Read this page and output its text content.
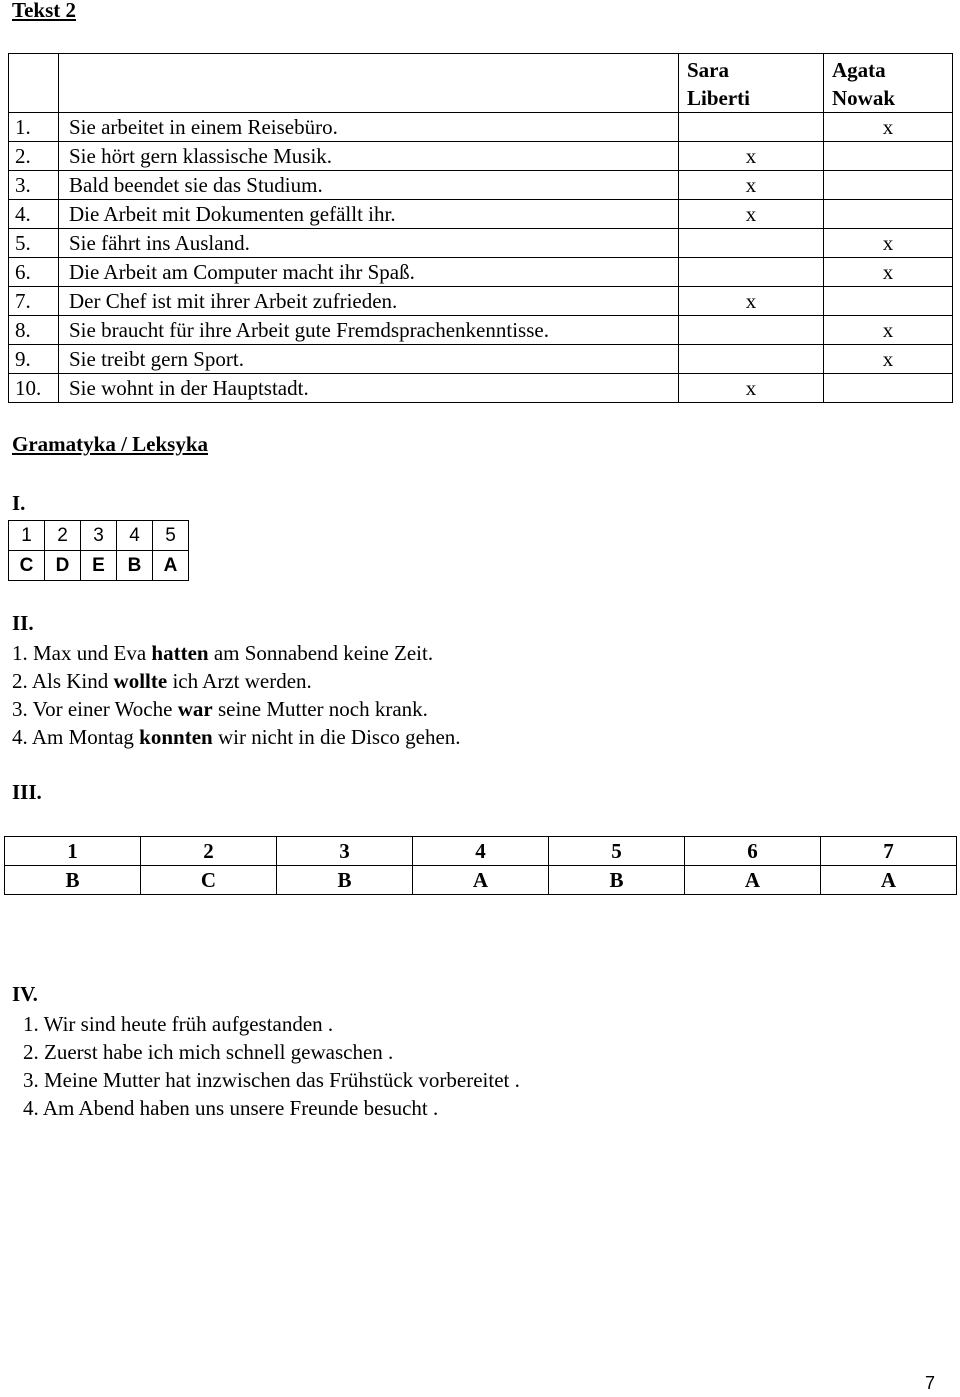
Tekst 2
		Sara
Liberti	Agata
Nowak
1.	Sie arbeitet in einem Reisebüro.		x
2.	Sie hört gern klassische Musik.	x	
3.	Bald beendet sie das Studium.	x	
4.	Die Arbeit mit Dokumenten gefällt ihr.	x	
5.	Sie fährt ins Ausland.		x
6.	Die Arbeit am Computer macht ihr Spaß.		x
7.	Der Chef ist mit ihrer Arbeit zufrieden.	x	
8.	Sie braucht für ihre Arbeit gute Fremdsprachenkenntisse.		x
9.	Sie treibt gern Sport.		x
10.	Sie wohnt in der Hauptstadt.	x	
Gramatyka / Leksyka
I.
1	2	3	4	5
C	D	E	B	A
II.
1. Max und Eva hatten am Sonnabend keine Zeit.
2. Als Kind wollte ich Arzt werden.
3. Vor einer Woche war seine Mutter noch krank.
4. Am Montag konnten wir nicht in die Disco gehen.
III.
1	2	3	4	5	6	7
B	C	B	A	B	A	A
IV.
1. Wir sind heute früh aufgestanden .
2. Zuerst habe ich mich schnell gewaschen .
3. Meine Mutter hat inzwischen das Frühstück vorbereitet .
4. Am Abend haben uns unsere Freunde besucht .
7
